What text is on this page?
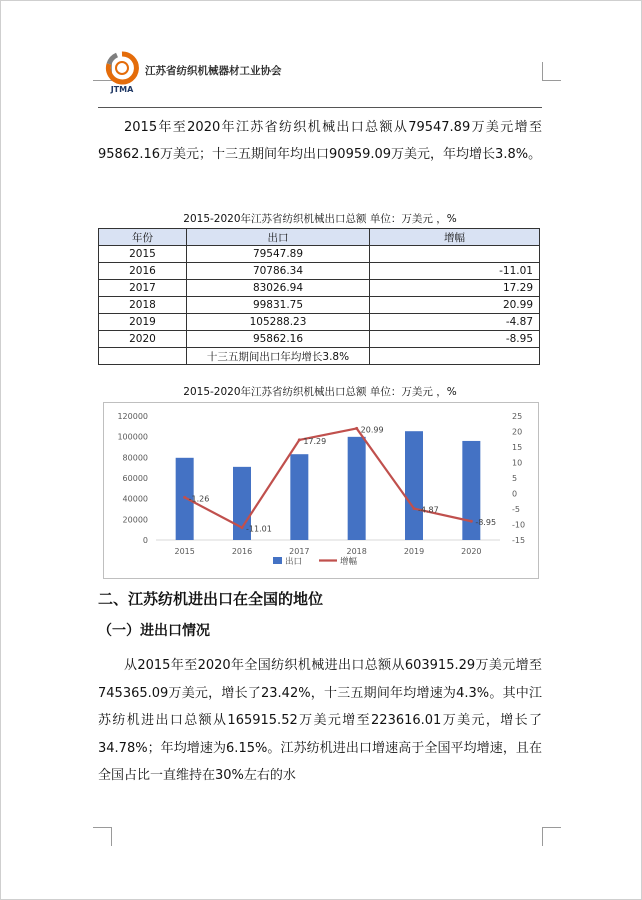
JTMA
江苏省纺织机械器材工业协会

2015年至2020年江苏省纺织机械出口总额从79547.89万美元增至95862.16万美元；十三五期间年均出口90959.09万美元，年均增长3.8%。

2015-2020年江苏省纺织机械出口总额 单位：万美元 ，%
年份	出口	增幅
2015	79547.89	
2016	70786.34	-11.01
2017	83026.94	17.29
2018	99831.75	20.99
2019	105288.23	-4.87
2020	95862.16	-8.95
	十三五期间出口年均增长3.8%	
2015-2020年江苏省纺织机械出口总额 单位：万美元 ，%
0
20000
40000
60000
80000
100000
120000
-15
-10
-5
0
5
10
15
20
25
2015	2016	2017	2018	2019	2020
-1.26
-11.01
17.29
20.99
-4.87
-8.95
出口	增幅
二、江苏纺机进出口在全国的地位
（一）进出口情况

从2015年至2020年全国纺织机械进出口总额从603915.29万美元增至745365.09万美元，增长了23.42%，十三五期间年均增速为4.3%。其中江苏纺机进出口总额从165915.52万美元增至223616.01万美元，增长了34.78%；年均增速为6.15%。江苏纺机进出口增速高于全国平均增速，且在全国占比一直维持在30%左右的水
